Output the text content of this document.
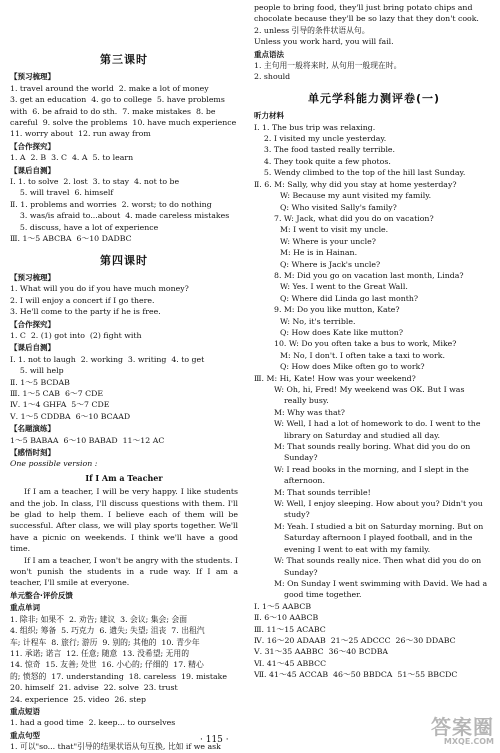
第三课时
【预习梳理】
1. travel around the world  2. make a lot of money
3. get an education  4. go to college  5. have problems
with  6. be afraid to do sth.  7. make mistakes  8. be
careful  9. solve the problems  10. have much experience
11. worry about  12. run away from
【合作探究】
1. A  2. B  3. C  4. A  5. to learn
【课后自测】
Ⅰ. 1. to solve  2. lost  3. to stay  4. not to be
5. will travel  6. himself
Ⅱ. 1. problems and worries  2. worst; to do nothing
3. was/is afraid to...about  4. made careless mistakes
5. discuss, have a lot of experience
Ⅲ. 1～5 ABCBA  6～10 DADBC
第四课时
【预习梳理】
1. What will you do if you have much money?
2. I will enjoy a concert if I go there.
3. He'll come to the party if he is free.
【合作探究】
1. C  2. (1) got into  (2) fight with
【课后自测】
Ⅰ. 1. not to laugh  2. working  3. writing  4. to get
5. will help
Ⅱ. 1～5 BCDAB
Ⅲ. 1～5 CAB  6～7 CDE
Ⅳ. 1～4 GHFA  5～7 CDE
Ⅴ. 1～5 CDDBA  6～10 BCAAD
【名题演练】
1～5 BABAA  6～10 BABAD  11～12 AC
【感悟时刻】
One possible version :
If I Am a Teacher
If I am a teacher, I will be very happy. I like students and the job. In class, I'll discuss questions with them. I'll be glad to help them. I believe each of them will be successful. After class, we will play sports together. We'll have a picnic on weekends. I think we'll have a good time.
If I am a teacher, I won't be angry with the students. I won't punish the students in a rude way. If I am a teacher, I'll smile at everyone.
单元整合·评价反馈
重点单词
1. 除非; 如果不  2. 劝告; 建议  3. 会议; 集会; 会面
4. 组织; 筹备  5. 巧克力  6. 遗失; 失望; 沮丧  7. 出租汽
车; 计程车  8. 旅行; 游历  9. 别的; 其他的  10. 青少年
11. 承诺; 诺言  12. 任意; 随意  13. 没希望; 无用的
14. 惊奇  15. 友善; 处世  16. 小心的; 仔细的  17. 精心
的; 愤怒的  17. understanding  18. careless  19. mistake
20. himself  21. advise  22. solve  23. trust
24. experience  25. video  26. step
重点短语
1. had a good time  2. keep... to ourselves
重点句型
1. 可以"so... that"引导的结果状语从句互换, 比如 if we ask
people to bring food, they'll just bring potato chips and
chocolate because they'll be so lazy that they don't cook.
2. unless 引导的条件状语从句。
Unless you work hard, you will fail.
重点语法
1. 主句用一般将来时, 从句用一般现在时。
2. should
单元学科能力测评卷(一)
听力材料
Ⅰ. 1. The bus trip was relaxing.
2. I visited my uncle yesterday.
3. The food tasted really terrible.
4. They took quite a few photos.
5. Wendy climbed to the top of the hill last Sunday.
Ⅱ. 6. M: Sally, why did you stay at home yesterday?
W: Because my aunt visited my family.
Q: Who visited Sally's family?
7. W: Jack, what did you do on vacation?
M: I went to visit my uncle.
W: Where is your uncle?
M: He is in Hainan.
Q: Where is Jack's uncle?
8. M: Did you go on vacation last month, Linda?
W: Yes. I went to the Great Wall.
Q: Where did Linda go last month?
9. M: Do you like mutton, Kate?
W: No, it's terrible.
Q: How does Kate like mutton?
10. W: Do you often take a bus to work, Mike?
M: No, I don't. I often take a taxi to work.
Q: How does Mike often go to work?
Ⅲ. M: Hi, Kate! How was your weekend?
W: Oh, hi, Fred! My weekend was OK. But I was
really busy.
M: Why was that?
W: Well, I had a lot of homework to do. I went to the
library on Saturday and studied all day.
M: That sounds really boring. What did you do on
Sunday?
W: I read books in the morning, and I slept in the
afternoon.
M: That sounds terrible!
W: Well, I enjoy sleeping. How about you? Didn't you
study?
M: Yeah. I studied a bit on Saturday morning. But on
Saturday afternoon I played football, and in the
evening I went to eat with my family.
W: That sounds really nice. Then what did you do on
Sunday?
M: On Sunday I went swimming with David. We had a
good time together.
Ⅰ. 1～5 AABCB
Ⅱ. 6～10 AABCB
Ⅲ. 11～15 ACABC
Ⅳ. 16～20 ADAAB  21～25 ADCCC  26～30 DDABC
Ⅴ. 31～35 AABBC  36～40 BCDBA
Ⅵ. 41～45 ABBCC
Ⅶ. 41～45 ACCAB  46～50 BBDCA  51～55 BBCDC
· 115 ·
答案圈
MXQE.COM
